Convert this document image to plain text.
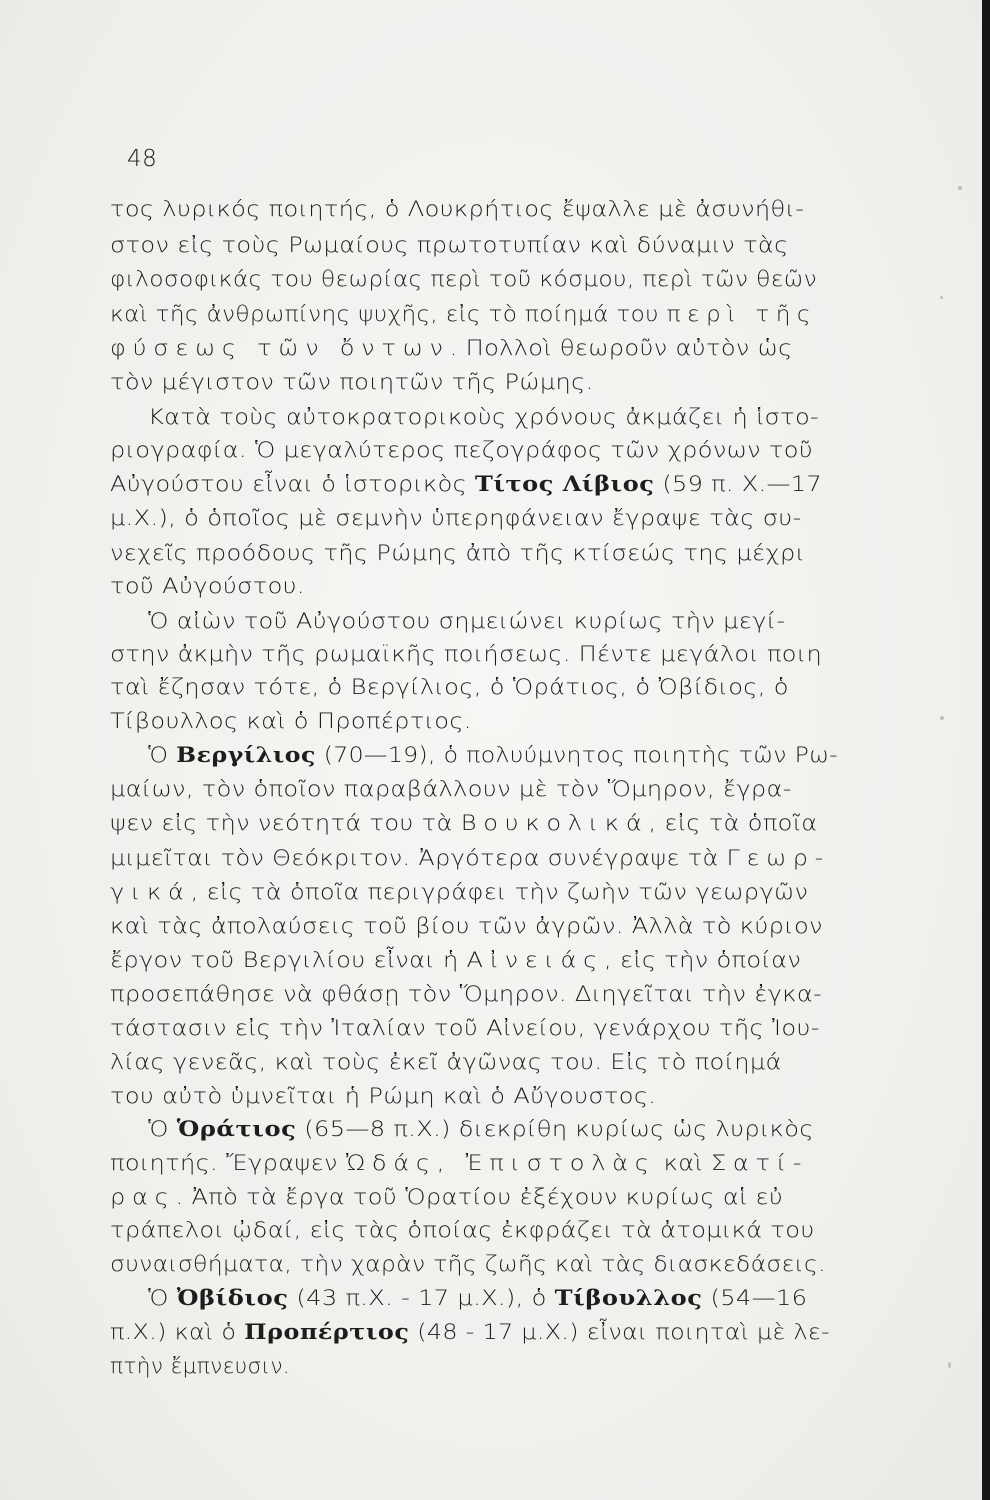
48
τος λυρικός ποιητής, ὁ Λουκρήτιος ἔψαλλε μὲ ἀσυνήθι-
στον εἰς τοὺς Ρωμαίους πρωτοτυπίαν καὶ δύναμιν τὰς
φιλοσοφικάς του θεωρίας περὶ τοῦ κόσμου, περὶ τῶν θεῶν
καὶ τῆς ἀνθρωπίνης ψυχῆς, εἰς τὸ ποίημά του περὶ τῆς
φύσεως τῶν ὄντων. Πολλοὶ θεωροῦν αὐτὸν ὡς
τὸν μέγιστον τῶν ποιητῶν τῆς Ρώμης.
Κατὰ τοὺς αὐτοκρατορικοὺς χρόνους ἀκμάζει ἡ ἱστο-
ριογραφία. Ὁ μεγαλύτερος πεζογράφος τῶν χρόνων τοῦ
Αὐγούστου εἶναι ὁ ἱστορικὸς Τίτος Λίβιος (59 π. Χ.—17
μ.Χ.), ὁ ὁποῖος μὲ σεμνὴν ὑπερηφάνειαν ἔγραψε τὰς συ-
νεχεῖς προόδους τῆς Ρώμης ἀπὸ τῆς κτίσεώς της μέχρι
τοῦ Αὐγούστου.
Ὁ αἰὼν τοῦ Αὐγούστου σημειώνει κυρίως τὴν μεγί-
στην ἀκμὴν τῆς ρωμαϊκῆς ποιήσεως. Πέντε μεγάλοι ποιη
ταὶ ἔζησαν τότε, ὁ Βεργίλιος, ὁ Ὁράτιος, ὁ Ὀβίδιος, ὁ
Τίβουλλος καὶ ὁ Προπέρτιος.
Ὁ Βεργίλιος (70—19), ὁ πολυύμνητος ποιητὴς τῶν Ρω-
μαίων, τὸν ὁποῖον παραβάλλουν μὲ τὸν Ὅμηρον, ἔγρα-
ψεν εἰς τὴν νεότητά του τὰ Βουκολικά, εἰς τὰ ὁποῖα
μιμεῖται τὸν Θεόκριτον. Ἀργότερα συνέγραψε τὰ Γεωρ-
γικά, εἰς τὰ ὁποῖα περιγράφει τὴν ζωὴν τῶν γεωργῶν
καὶ τὰς ἀπολαύσεις τοῦ βίου τῶν ἀγρῶν. Ἀλλὰ τὸ κύριον
ἔργον τοῦ Βεργιλίου εἶναι ἡ Αἰνειάς, εἰς τὴν ὁποίαν
προσεπάθησε νὰ φθάσῃ τὸν Ὅμηρον. Διηγεῖται τὴν ἐγκα-
τάστασιν εἰς τὴν Ἰταλίαν τοῦ Αἰνείου, γενάρχου τῆς Ἰου-
λίας γενεᾶς, καὶ τοὺς ἐκεῖ ἀγῶνας του. Εἰς τὸ ποίημά
του αὐτὸ ὑμνεῖται ἡ Ρώμη καὶ ὁ Αὔγουστος.
Ὁ Ὁράτιος (65—8 π.Χ.) διεκρίθη κυρίως ὡς λυρικὸς
ποιητής. Ἔγραψεν Ὠδάς, Ἐπιστολὰς καὶ Σατί-
ρας. Ἀπὸ τὰ ἔργα τοῦ Ὁρατίου ἐξέχουν κυρίως αἱ εὐ
τράπελοι ᾠδαί, εἰς τὰς ὁποίας ἐκφράζει τὰ ἀτομικά του
συναισθήματα, τὴν χαρὰν τῆς ζωῆς καὶ τὰς διασκεδάσεις.
Ὁ Ὀβίδιος (43 π.Χ. - 17 μ.Χ.), ὁ Τίβουλλος (54—16
π.Χ.) καὶ ὁ Προπέρτιος (48 - 17 μ.Χ.) εἶναι ποιηταὶ μὲ λε-
πτὴν ἔμπνευσιν.
